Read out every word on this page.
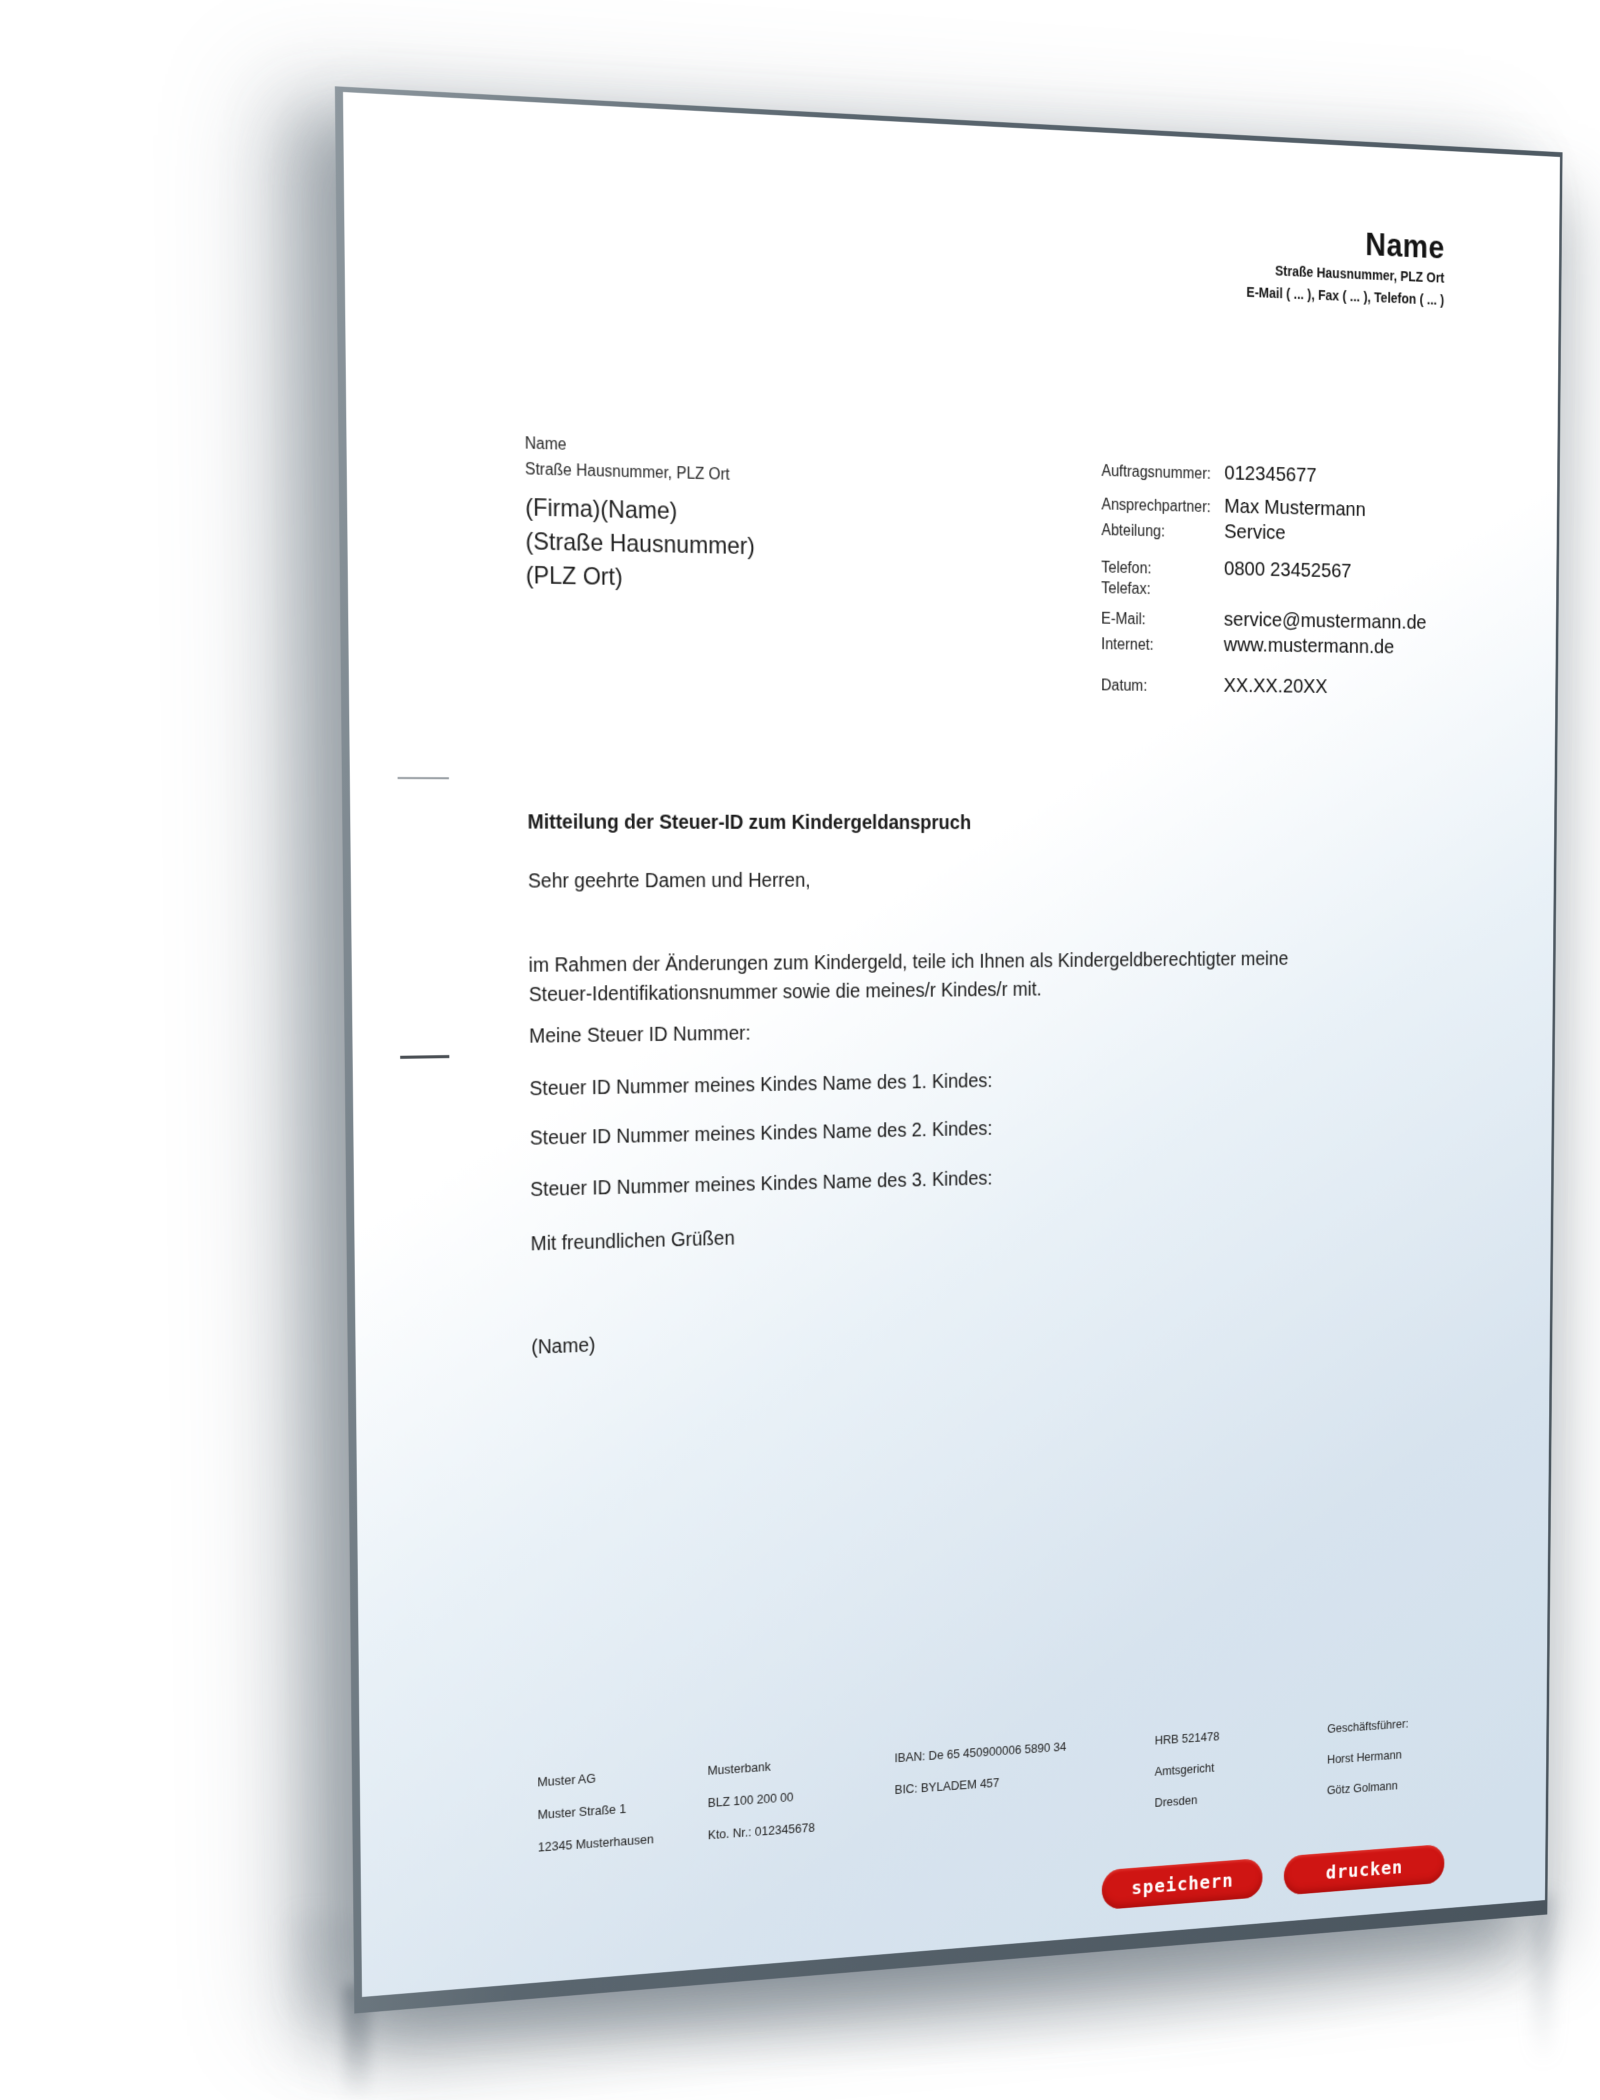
Name
Straße Hausnummer, PLZ Ort
E-Mail ( ... ), Fax ( ... ), Telefon ( ... )
Name
Straße Hausnummer, PLZ Ort
(Firma)(Name)
(Straße Hausnummer)
(PLZ Ort)
Auftragsnummer: 012345677
Ansprechpartner: Max Mustermann
Abteilung:	Service
Telefon:	0800 23452567
Telefax:
E-Mail:	service@mustermann.de
Internet:	www.mustermann.de
Datum:	XX.XX.20XX
Mitteilung der Steuer-ID zum Kindergeldanspruch
Sehr geehrte Damen und Herren,
im Rahmen der Änderungen zum Kindergeld, teile ich Ihnen als Kindergeldberechtigter meine
Steuer-Identifikationsnummer sowie die meines/r Kindes/r mit.
Meine Steuer ID Nummer:
Steuer ID Nummer meines Kindes Name des 1. Kindes:
Steuer ID Nummer meines Kindes Name des 2. Kindes:
Steuer ID Nummer meines Kindes Name des 3. Kindes:
Mit freundlichen Grüßen
(Name)
Muster AG
Muster Straße 1
12345 Musterhausen
Musterbank
BLZ 100 200 00
Kto. Nr.: 012345678
IBAN: De 65 450900006 5890 34
BIC: BYLADEM 457
HRB 521478
Amtsgericht
Dresden
Geschäftsführer:
Horst Hermann
Götz Golmann
speichern	drucken
